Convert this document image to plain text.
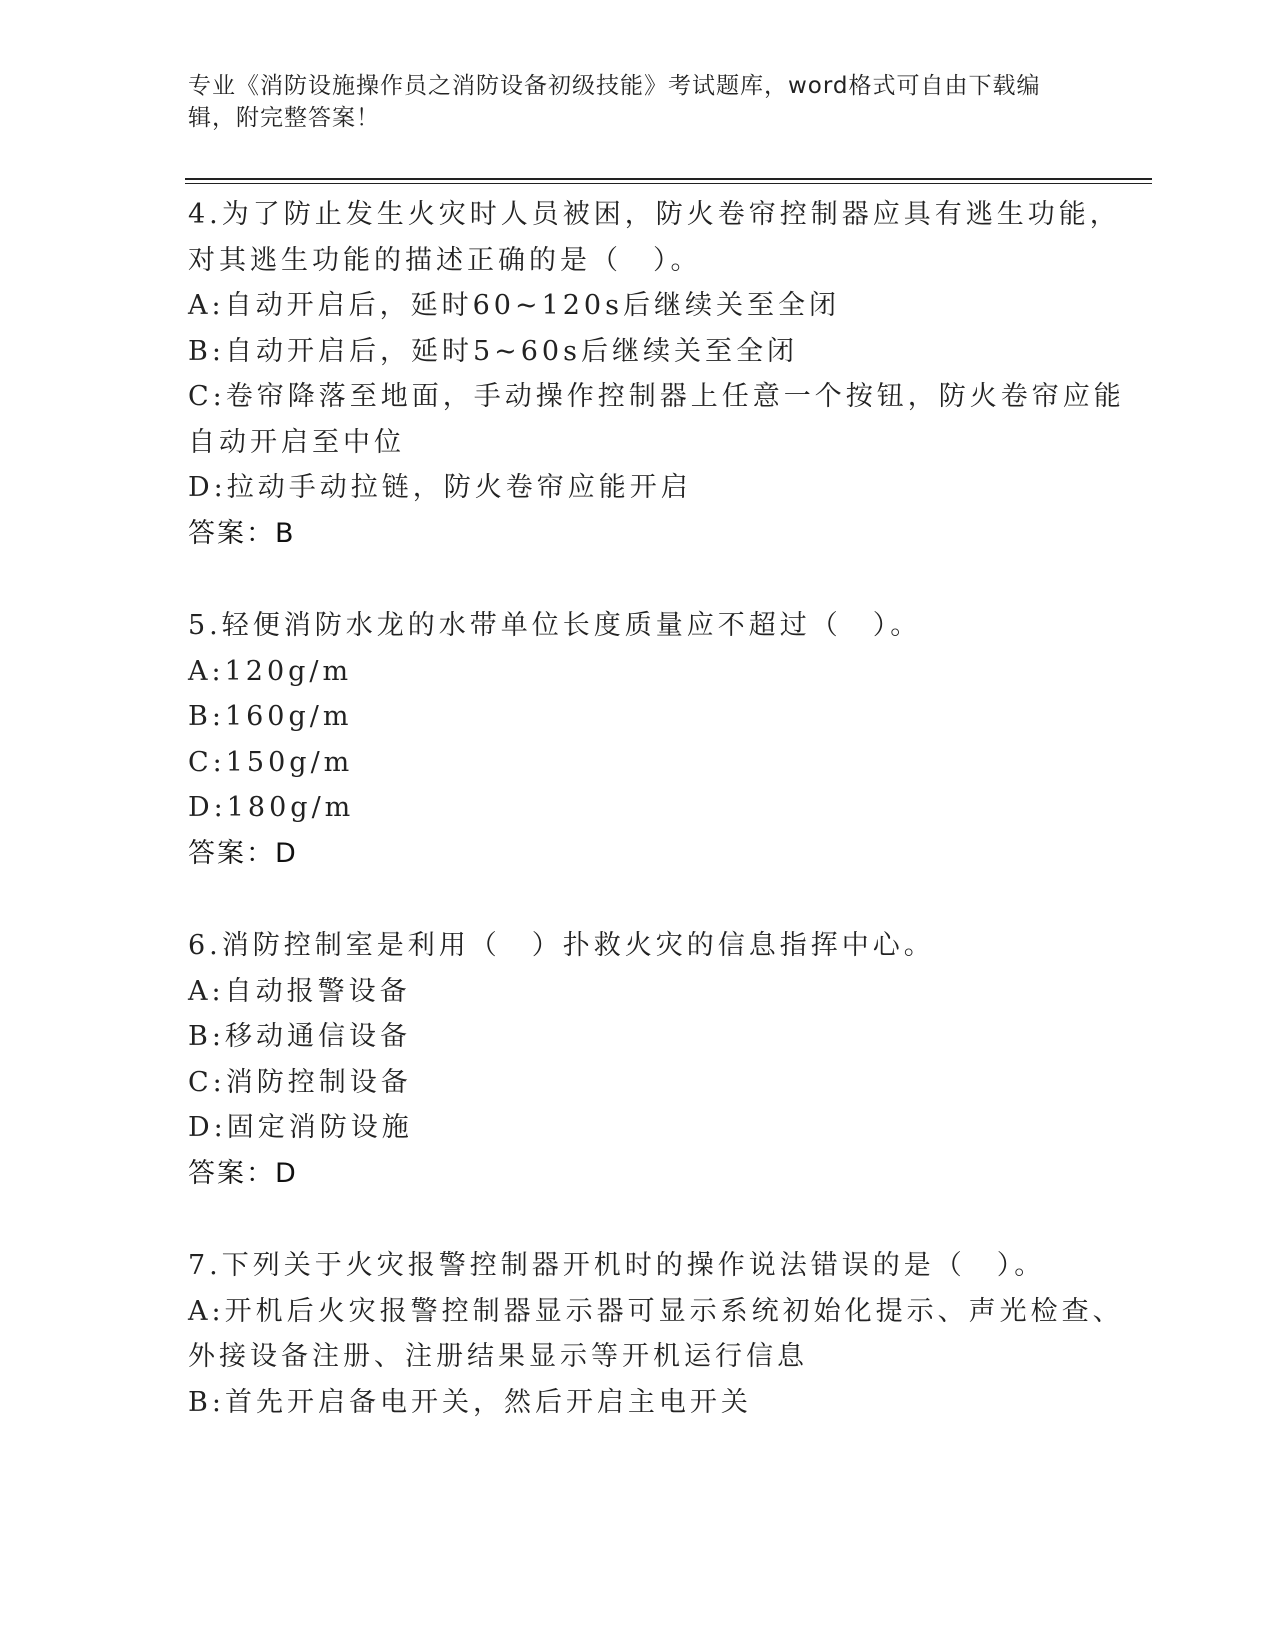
专业《消防设施操作员之消防设备初级技能》考试题库，word格式可自由下载编
辑，附完整答案！
4.为了防止发生火灾时人员被困，防火卷帘控制器应具有逃生功能，
对其逃生功能的描述正确的是（　）。
A:自动开启后，延时60~120s后继续关至全闭
B:自动开启后，延时5~60s后继续关至全闭
C:卷帘降落至地面，手动操作控制器上任意一个按钮，防火卷帘应能
自动开启至中位
D:拉动手动拉链，防火卷帘应能开启
答案：B
5.轻便消防水龙的水带单位长度质量应不超过（　）。
A:120g/m
B:160g/m
C:150g/m
D:180g/m
答案：D
6.消防控制室是利用（　）扑救火灾的信息指挥中心。
A:自动报警设备
B:移动通信设备
C:消防控制设备
D:固定消防设施
答案：D
7.下列关于火灾报警控制器开机时的操作说法错误的是（　）。
A:开机后火灾报警控制器显示器可显示系统初始化提示、声光检查、
外接设备注册、注册结果显示等开机运行信息
B:首先开启备电开关，然后开启主电开关
